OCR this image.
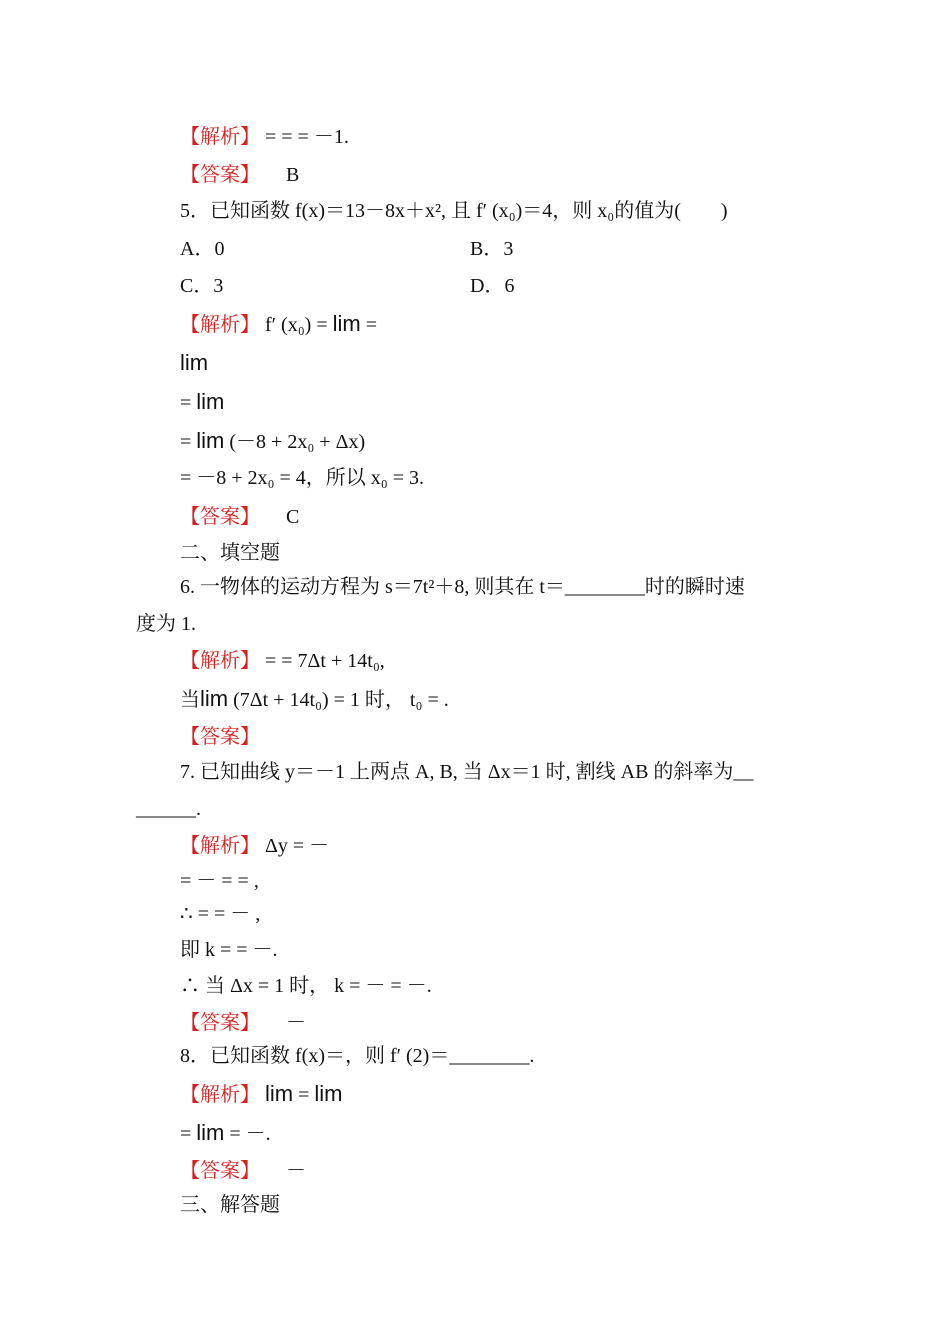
【解析】 = = = －1.
【答案】 B
5．已知函数 f(x)＝13－8x＋x², 且 f′ (x₀)＝4，则 x₀的值为(　　)
A．0	B．3
C．3	D．6
【解析】 f′ (x₀) = lim =
lim
= lim
= lim (－8 + 2x₀ + Δx)
= －8 + 2x₀ = 4，所以 x₀ = 3.
【答案】 C
二、填空题
6. 一物体的运动方程为 s＝7t²＋8, 则其在 t＝________时的瞬时速
度为 1.
【解析】 = = 7Δt + 14t₀,
当lim (7Δt + 14t₀) = 1 时， t₀ = .
【答案】
7. 已知曲线 y＝－1 上两点 A, B, 当 Δx＝1 时, 割线 AB 的斜率为__
______.
【解析】 Δy = －
= － = = ,
∴ = = － ,
即 k = = －.
∴ 当 Δx = 1 时， k = － = －.
【答案】 －
8．已知函数 f(x)＝，则 f′ (2)＝________.
【解析】 lim = lim
= lim = －.
【答案】 －
三、解答题
